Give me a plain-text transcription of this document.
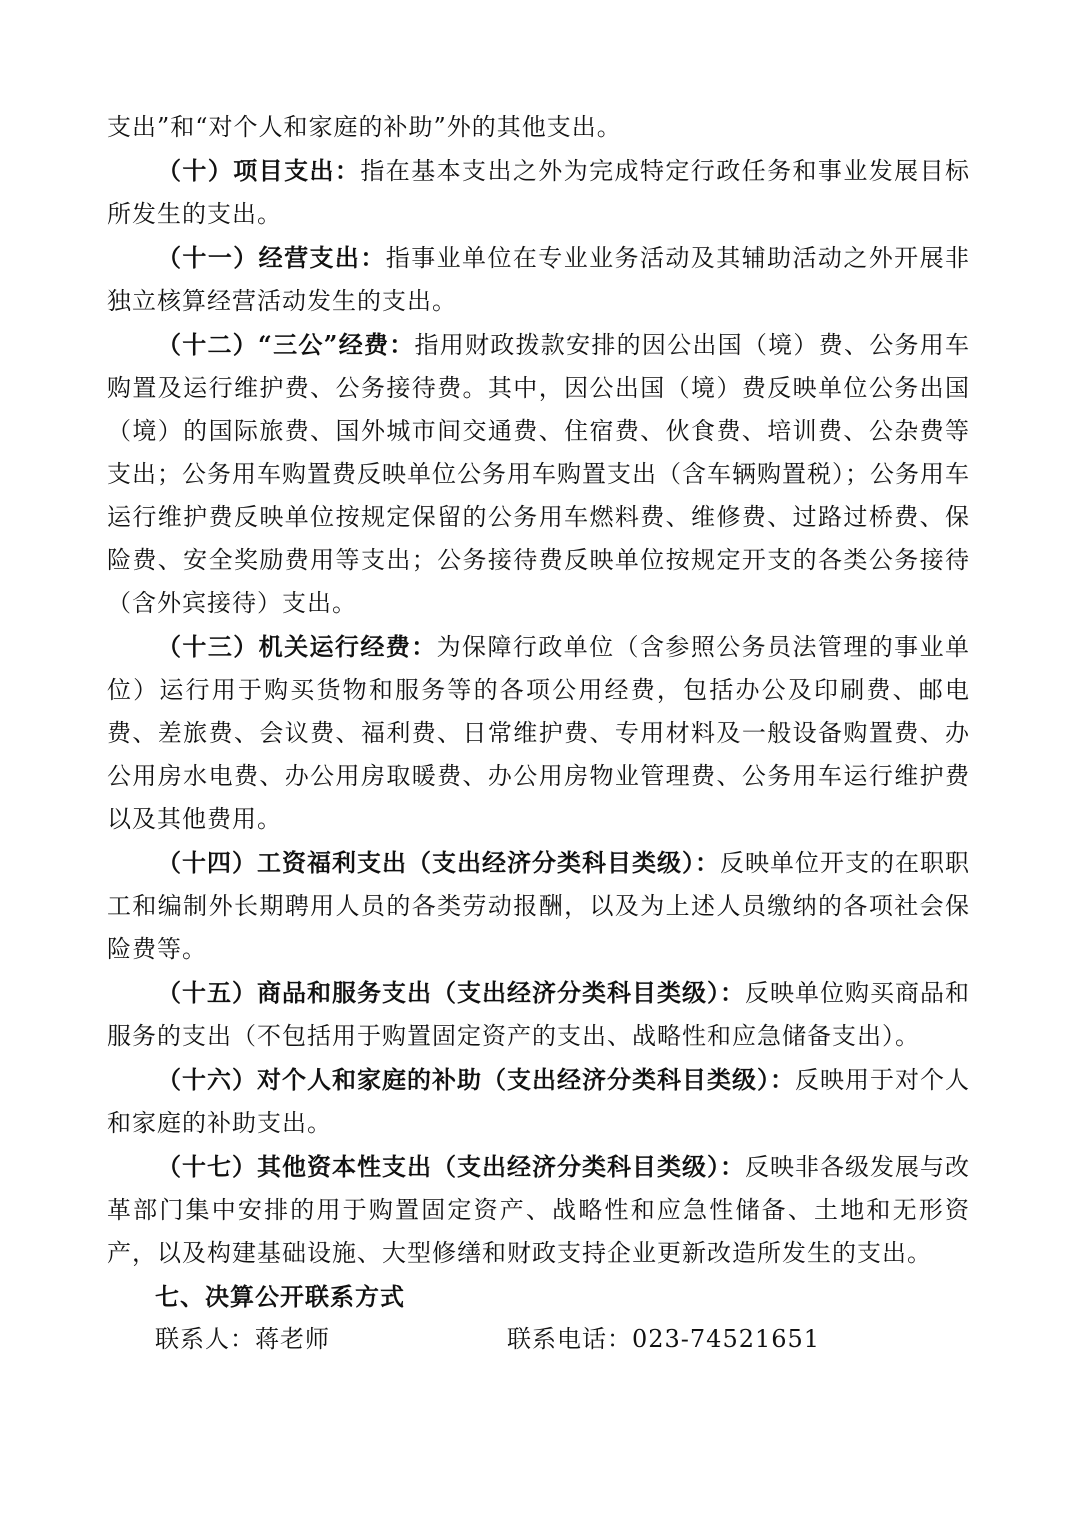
支出”和“对个人和家庭的补助”外的其他支出。

（十）项目支出：指在基本支出之外为完成特定行政任务和事业发展目标所发生的支出。

（十一）经营支出：指事业单位在专业业务活动及其辅助活动之外开展非独立核算经营活动发生的支出。

（十二）“三公”经费：指用财政拨款安排的因公出国（境）费、公务用车购置及运行维护费、公务接待费。其中，因公出国（境）费反映单位公务出国（境）的国际旅费、国外城市间交通费、住宿费、伙食费、培训费、公杂费等支出；公务用车购置费反映单位公务用车购置支出（含车辆购置税）；公务用车运行维护费反映单位按规定保留的公务用车燃料费、维修费、过路过桥费、保险费、安全奖励费用等支出；公务接待费反映单位按规定开支的各类公务接待（含外宾接待）支出。

（十三）机关运行经费：为保障行政单位（含参照公务员法管理的事业单位）运行用于购买货物和服务等的各项公用经费，包括办公及印刷费、邮电费、差旅费、会议费、福利费、日常维护费、专用材料及一般设备购置费、办公用房水电费、办公用房取暖费、办公用房物业管理费、公务用车运行维护费以及其他费用。

（十四）工资福利支出（支出经济分类科目类级）：反映单位开支的在职职工和编制外长期聘用人员的各类劳动报酬，以及为上述人员缴纳的各项社会保险费等。

（十五）商品和服务支出（支出经济分类科目类级）：反映单位购买商品和服务的支出（不包括用于购置固定资产的支出、战略性和应急储备支出）。

（十六）对个人和家庭的补助（支出经济分类科目类级）：反映用于对个人和家庭的补助支出。

（十七）其他资本性支出（支出经济分类科目类级）：反映非各级发展与改革部门集中安排的用于购置固定资产、战略性和应急性储备、土地和无形资产，以及构建基础设施、大型修缮和财政支持企业更新改造所发生的支出。

七、决算公开联系方式
联系人：蒋老师	联系电话：023-74521651
